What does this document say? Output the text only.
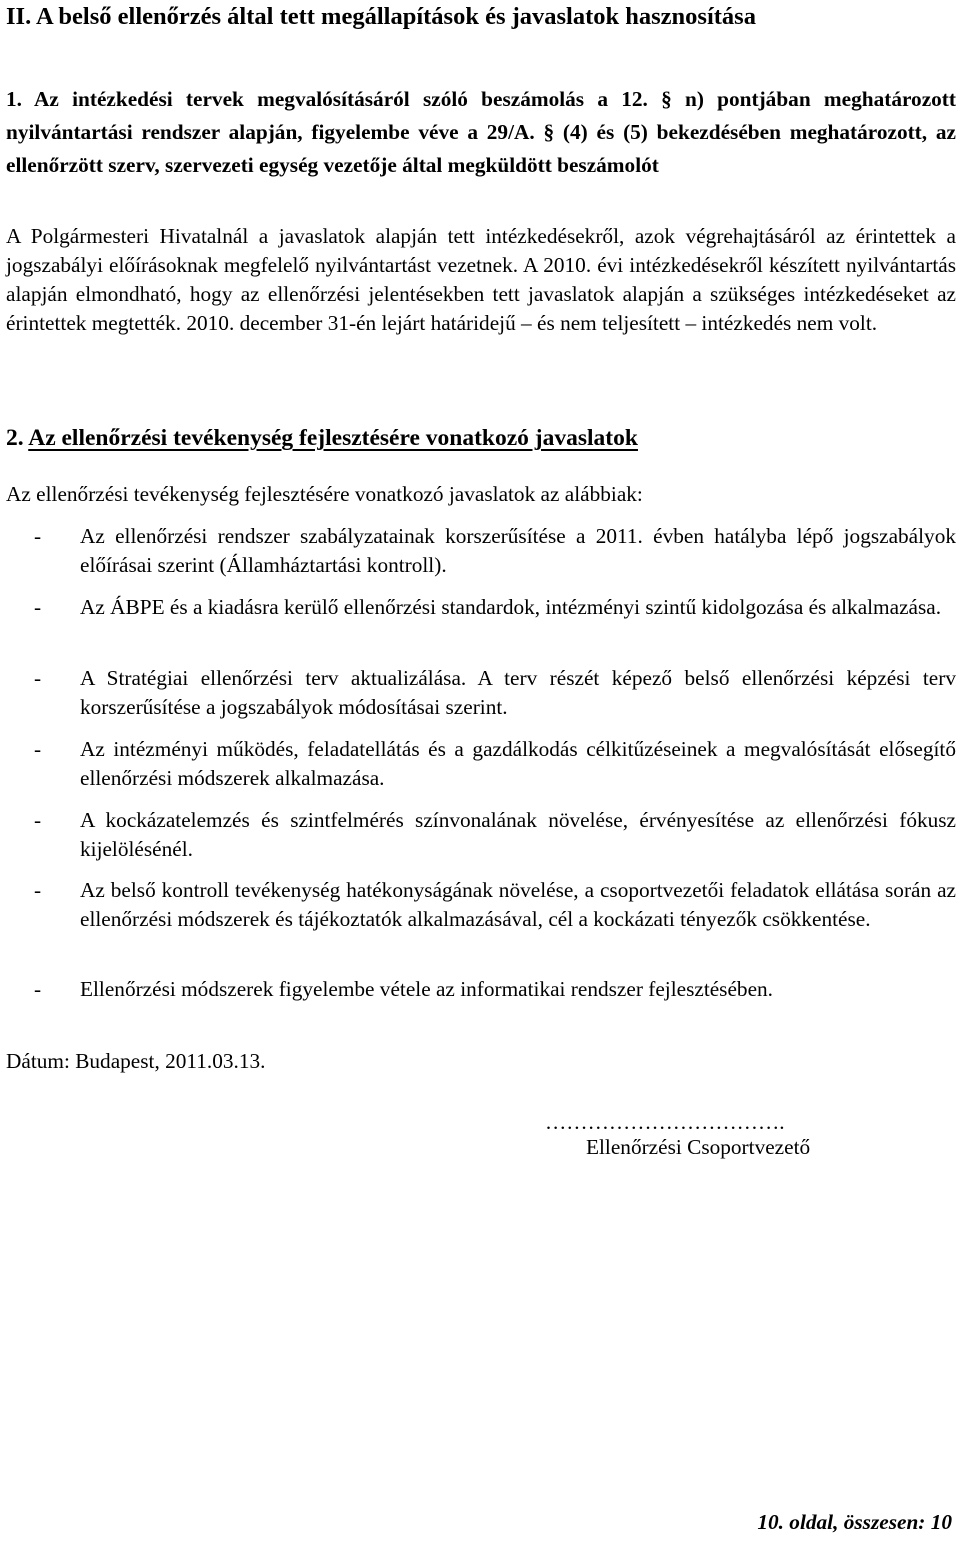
II. A belső ellenőrzés által tett megállapítások és javaslatok hasznosítása
1. Az intézkedési tervek megvalósításáról szóló beszámolás a 12. § n) pontjában meghatározott nyilvántartási rendszer alapján, figyelembe véve a 29/A. § (4) és (5) bekezdésében meghatározott, az ellenőrzött szerv, szervezeti egység vezetője által megküldött beszámolót
A Polgármesteri Hivatalnál a javaslatok alapján tett intézkedésekről, azok végrehajtásáról az érintettek a jogszabályi előírásoknak megfelelő nyilvántartást vezetnek. A 2010. évi intézkedésekről készített nyilvántartás alapján elmondható, hogy az ellenőrzési jelentésekben tett javaslatok alapján a szükséges intézkedéseket az érintettek megtették. 2010. december 31-én lejárt határidejű – és nem teljesített – intézkedés nem volt.
2. Az ellenőrzési tevékenység fejlesztésére vonatkozó javaslatok
Az ellenőrzési tevékenység fejlesztésére vonatkozó javaslatok az alábbiak:
- Az ellenőrzési rendszer szabályzatainak korszerűsítése a 2011. évben hatályba lépő jogszabályok előírásai szerint (Államháztartási kontroll).
- Az ÁBPE és a kiadásra kerülő ellenőrzési standardok, intézményi szintű kidolgozása és alkalmazása.
- A Stratégiai ellenőrzési terv aktualizálása. A terv részét képező belső ellenőrzési képzési terv korszerűsítése a jogszabályok módosításai szerint.
- Az intézményi működés, feladatellátás és a gazdálkodás célkitűzéseinek a megvalósítását elősegítő ellenőrzési módszerek alkalmazása.
- A kockázatelemzés és szintfelmérés színvonalának növelése, érvényesítése az ellenőrzési fókusz kijelölésénél.
- Az belső kontroll tevékenység hatékonyságának növelése, a csoportvezetői feladatok ellátása során az ellenőrzési módszerek és tájékoztatók alkalmazásával, cél a kockázati tényezők csökkentése.
- Ellenőrzési módszerek figyelembe vétele az informatikai rendszer fejlesztésében.
Dátum: Budapest, 2011.03.13.
…………………………….
Ellenőrzési Csoportvezető
10. oldal, összesen: 10
